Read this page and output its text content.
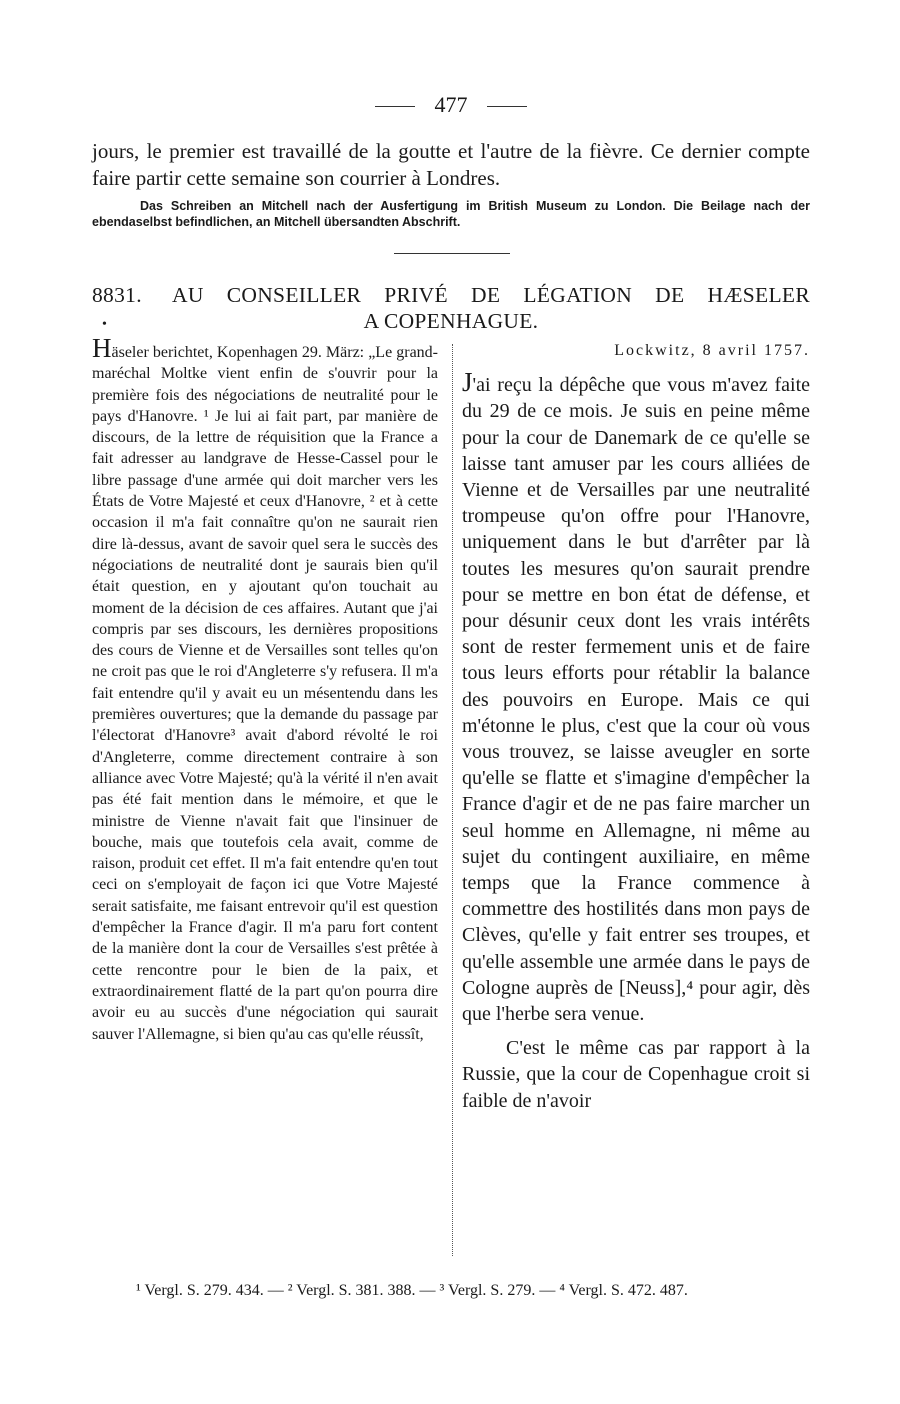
477
jours, le premier est travaillé de la goutte et l'autre de la fièvre. Ce dernier compte faire partir cette semaine son courrier à Londres.

Das Schreiben an Mitchell nach der Ausfertigung im British Museum zu London. Die Beilage nach der ebendaselbst befindlichen, an Mitchell übersandten Abschrift.

8831. AU CONSEILLER PRIVÉ DE LÉGATION DE HÆSELER
•	A COPENHAGUE.
Häseler berichtet, Kopenhagen 29. März: „Le grand-maréchal Moltke vient enfin de s'ouvrir pour la première fois des négociations de neutralité pour le pays d'Hanovre. ¹ Je lui ai fait part, par manière de discours, de la lettre de réquisition que la France a fait adresser au landgrave de Hesse-Cassel pour le libre passage d'une armée qui doit marcher vers les États de Votre Majesté et ceux d'Hanovre, ² et à cette occasion il m'a fait connaître qu'on ne saurait rien dire là-dessus, avant de savoir quel sera le succès des négociations de neutralité dont je saurais bien qu'il était question, en y ajoutant qu'on touchait au moment de la décision de ces affaires. Autant que j'ai compris par ses discours, les dernières propositions des cours de Vienne et de Versailles sont telles qu'on ne croit pas que le roi d'Angleterre s'y refusera. Il m'a fait entendre qu'il y avait eu un mésentendu dans les premières ouvertures; que la demande du passage par l'électorat d'Hanovre³ avait d'abord révolté le roi d'Angleterre, comme directement contraire à son alliance avec Votre Majesté; qu'à la vérité il n'en avait pas été fait mention dans le mémoire, et que le ministre de Vienne n'avait fait que l'insinuer de bouche, mais que toutefois cela avait, comme de raison, produit cet effet. Il m'a fait entendre qu'en tout ceci on s'employait de façon ici que Votre Majesté serait satisfaite, me faisant entrevoir qu'il est question d'empêcher la France d'agir. Il m'a paru fort content de la manière dont la cour de Versailles s'est prêtée à cette rencontre pour le bien de la paix, et extraordinairement flatté de la part qu'on pourra dire avoir eu au succès d'une négociation qui saurait sauver l'Allemagne, si bien qu'au cas qu'elle réussît,
Lockwitz, 8 avril 1757.

J'ai reçu la dépêche que vous m'avez faite du 29 de ce mois. Je suis en peine même pour la cour de Danemark de ce qu'elle se laisse tant amuser par les cours alliées de Vienne et de Versailles par une neutralité trompeuse qu'on offre pour l'Hanovre, uniquement dans le but d'arrêter par là toutes les mesures qu'on saurait prendre pour se mettre en bon état de défense, et pour désunir ceux dont les vrais intérêts sont de rester fermement unis et de faire tous leurs efforts pour rétablir la balance des pouvoirs en Europe. Mais ce qui m'étonne le plus, c'est que la cour où vous vous trouvez, se laisse aveugler en sorte qu'elle se flatte et s'imagine d'empêcher la France d'agir et de ne pas faire marcher un seul homme en Allemagne, ni même au sujet du contingent auxiliaire, en même temps que la France commence à commettre des hostilités dans mon pays de Clèves, qu'elle y fait entrer ses troupes, et qu'elle assemble une armée dans le pays de Cologne auprès de [Neuss],⁴ pour agir, dès que l'herbe sera venue.

C'est le même cas par rapport à la Russie, que la cour de Copenhague croit si faible de n'avoir

¹ Vergl. S. 279. 434. — ² Vergl. S. 381. 388. — ³ Vergl. S. 279. — ⁴ Vergl. S. 472. 487.
